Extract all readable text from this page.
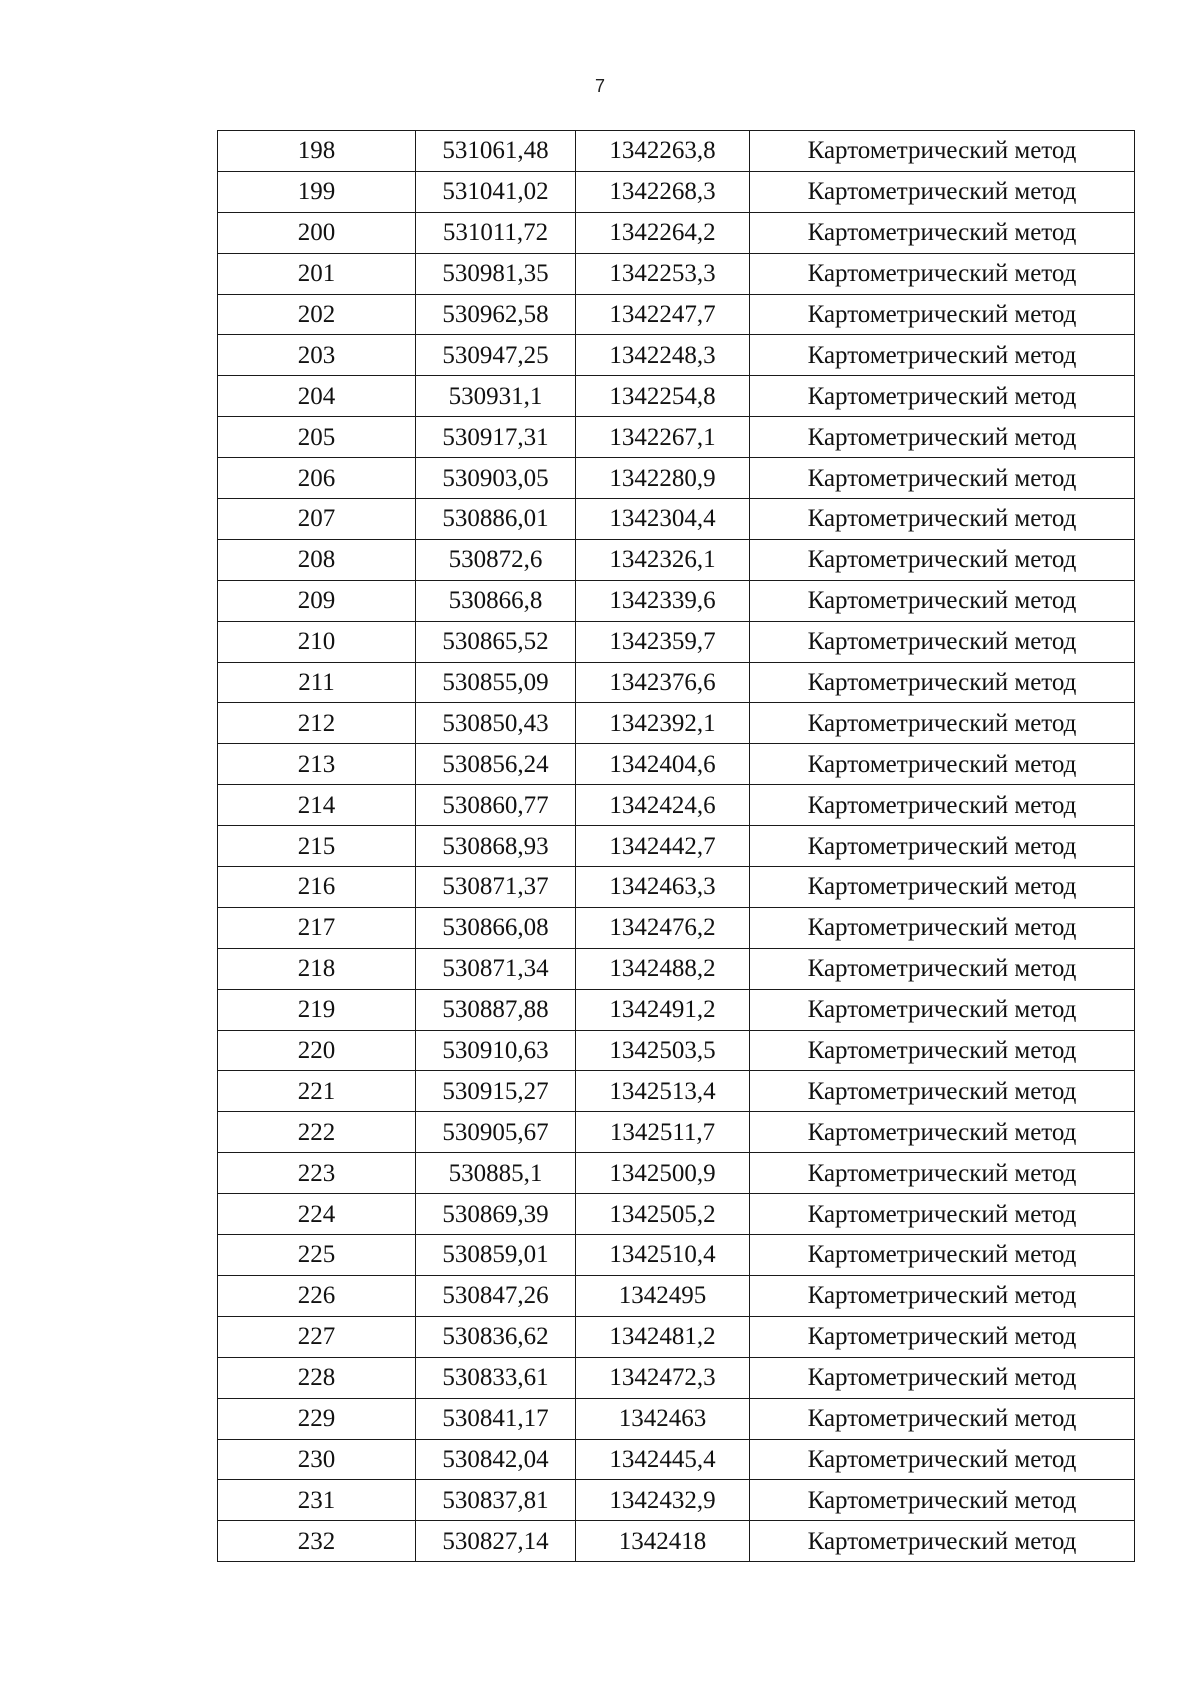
7
198	531061,48	1342263,8	Картометрический метод
199	531041,02	1342268,3	Картометрический метод
200	531011,72	1342264,2	Картометрический метод
201	530981,35	1342253,3	Картометрический метод
202	530962,58	1342247,7	Картометрический метод
203	530947,25	1342248,3	Картометрический метод
204	530931,1	1342254,8	Картометрический метод
205	530917,31	1342267,1	Картометрический метод
206	530903,05	1342280,9	Картометрический метод
207	530886,01	1342304,4	Картометрический метод
208	530872,6	1342326,1	Картометрический метод
209	530866,8	1342339,6	Картометрический метод
210	530865,52	1342359,7	Картометрический метод
211	530855,09	1342376,6	Картометрический метод
212	530850,43	1342392,1	Картометрический метод
213	530856,24	1342404,6	Картометрический метод
214	530860,77	1342424,6	Картометрический метод
215	530868,93	1342442,7	Картометрический метод
216	530871,37	1342463,3	Картометрический метод
217	530866,08	1342476,2	Картометрический метод
218	530871,34	1342488,2	Картометрический метод
219	530887,88	1342491,2	Картометрический метод
220	530910,63	1342503,5	Картометрический метод
221	530915,27	1342513,4	Картометрический метод
222	530905,67	1342511,7	Картометрический метод
223	530885,1	1342500,9	Картометрический метод
224	530869,39	1342505,2	Картометрический метод
225	530859,01	1342510,4	Картометрический метод
226	530847,26	1342495	Картометрический метод
227	530836,62	1342481,2	Картометрический метод
228	530833,61	1342472,3	Картометрический метод
229	530841,17	1342463	Картометрический метод
230	530842,04	1342445,4	Картометрический метод
231	530837,81	1342432,9	Картометрический метод
232	530827,14	1342418	Картометрический метод
